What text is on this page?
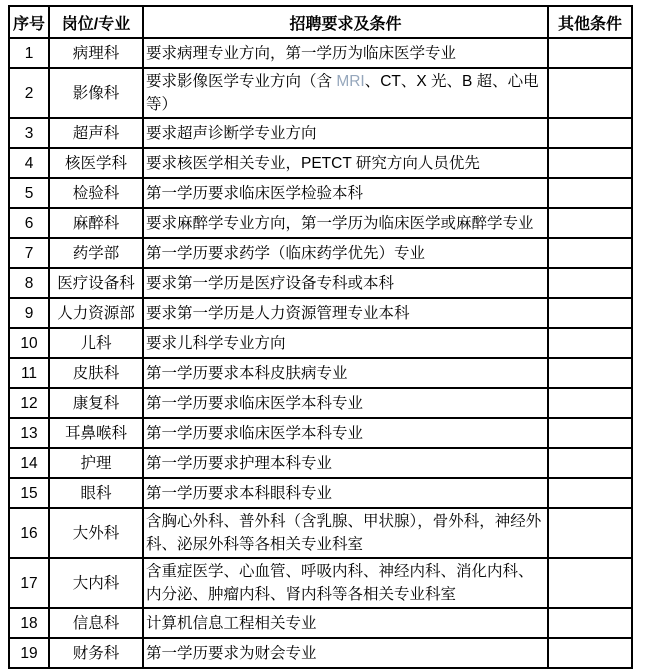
序号	岗位/专业	招聘要求及条件	其他条件
1	病理科	要求病理专业方向，第一学历为临床医学专业	
2	影像科	要求影像医学专业方向（含 MRI、CT、X 光、B 超、心电等）	
3	超声科	要求超声诊断学专业方向	
4	核医学科	要求核医学相关专业，PETCT 研究方向人员优先	
5	检验科	第一学历要求临床医学检验本科	
6	麻醉科	要求麻醉学专业方向，第一学历为临床医学或麻醉学专业	
7	药学部	第一学历要求药学（临床药学优先）专业	
8	医疗设备科	要求第一学历是医疗设备专科或本科	
9	人力资源部	要求第一学历是人力资源管理专业本科	
10	儿科	要求儿科学专业方向	
11	皮肤科	第一学历要求本科皮肤病专业	
12	康复科	第一学历要求临床医学本科专业	
13	耳鼻喉科	第一学历要求临床医学本科专业	
14	护理	第一学历要求护理本科专业	
15	眼科	第一学历要求本科眼科专业	
16	大外科	含胸心外科、普外科（含乳腺、甲状腺），骨外科，神经外科、泌尿外科等各相关专业科室	
17	大内科	含重症医学、心血管、呼吸内科、神经内科、消化内科、内分泌、肿瘤内科、肾内科等各相关专业科室	
18	信息科	计算机信息工程相关专业	
19	财务科	第一学历要求为财会专业	
